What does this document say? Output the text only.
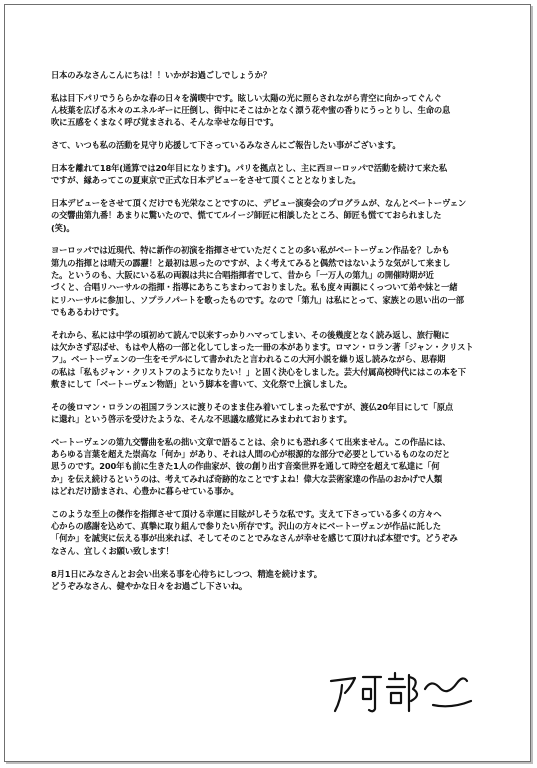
日本のみなさんこんにちは！！いかがお過ごしでしょうか？

私は目下パリでうららかな春の日々を満喫中です。眩しい太陽の光に照らされながら青空に向かってぐんぐ
ん枝葉を広げる木々のエネルギーに圧倒し、街中にそこはかとなく漂う花や蜜の香りにうっとりし、生命の息
吹に五感をくまなく呼び覚まされる、そんな幸せな毎日です。

さて、いつも私の活動を見守り応援して下さっているみなさんにご報告したい事がございます。

日本を離れて18年(通算では20年目になります)。パリを拠点とし、主に西ヨーロッパで活動を続けて来た私
ですが、縁あってこの夏東京で正式な日本デビューをさせて頂くこととなりました。

日本デビューをさせて頂くだけでも光栄なことですのに、デビュー演奏会のプログラムが、なんとベートーヴェン
の交響曲第九番！あまりに驚いたので、慌ててルイージ師匠に相談したところ、師匠も慌てておられました
(笑)。

ヨーロッパでは近現代、特に新作の初演を指揮させていただくことの多い私がベートーヴェン作品を？しかも
第九の指揮とは晴天の霹靂！と最初は思ったのですが、よく考えてみると偶然ではないような気がして来まし
た。というのも、大阪にいる私の両親は共に合唱指揮者でして、昔から「一万人の第九」の開催時期が近
づくと、合唱リハーサルの指揮・指導にあちこちまわっておりました。私も度々両親にくっついて弟や妹と一緒
にリハーサルに参加し、ソプラノパートを歌ったものです。なので「第九」は私にとって、家族との思い出の一部
でもあるわけです。

それから、私には中学の頃初めて読んで以来すっかりハマってしまい、その後幾度となく読み返し、旅行鞄に
は欠かさず忍ばせ、もはや人格の一部と化してしまった一冊の本があります。ロマン・ロラン著「ジャン・クリスト
フ」。ベートーヴェンの一生をモデルにして書かれたと言われるこの大河小説を繰り返し読みながら、思春期
の私は「私もジャン・クリストフのようになりたい！」と固く決心をしました。芸大付属高校時代にはこの本を下
敷きにして「ベートーヴェン物語」という脚本を書いて、文化祭で上演しました。

その後ロマン・ロランの祖国フランスに渡りそのまま住み着いてしまった私ですが、渡仏20年目にして「原点
に還れ」という啓示を受けたような、そんな不思議な感覚にみまわれております。

ベートーヴェンの第九交響曲を私の拙い文章で語ることは、余りにも恐れ多くて出来ません。この作品には、
あらゆる言葉を超えた崇高な「何か」があり、それは人間の心が根源的な部分で必要としているものなのだと
思うのです。200年も前に生きた1人の作曲家が、彼の創り出す音楽世界を通して時空を超えて私達に「何
か」を伝え続けるというのは、考えてみれば奇跡的なことですよね！偉大な芸術家達の作品のおかげで人類
はどれだけ励まされ、心豊かに暮らせている事か。

このような至上の傑作を指揮させて頂ける幸運に目眩がしそうな私です。支えて下さっている多くの方々へ
心からの感謝を込めて、真摯に取り組んで参りたい所存です。沢山の方々にベートーヴェンが作品に託した
「何か」を誠実に伝える事が出来れば、そしてそのことでみなさんが幸せを感じて頂ければ本望です。どうぞみ
なさん、宜しくお願い致します！

8月1日にみなさんとお会い出来る事を心待ちにしつつ、精進を続けます。
どうぞみなさん、健やかな日々をお過ごし下さいね。
